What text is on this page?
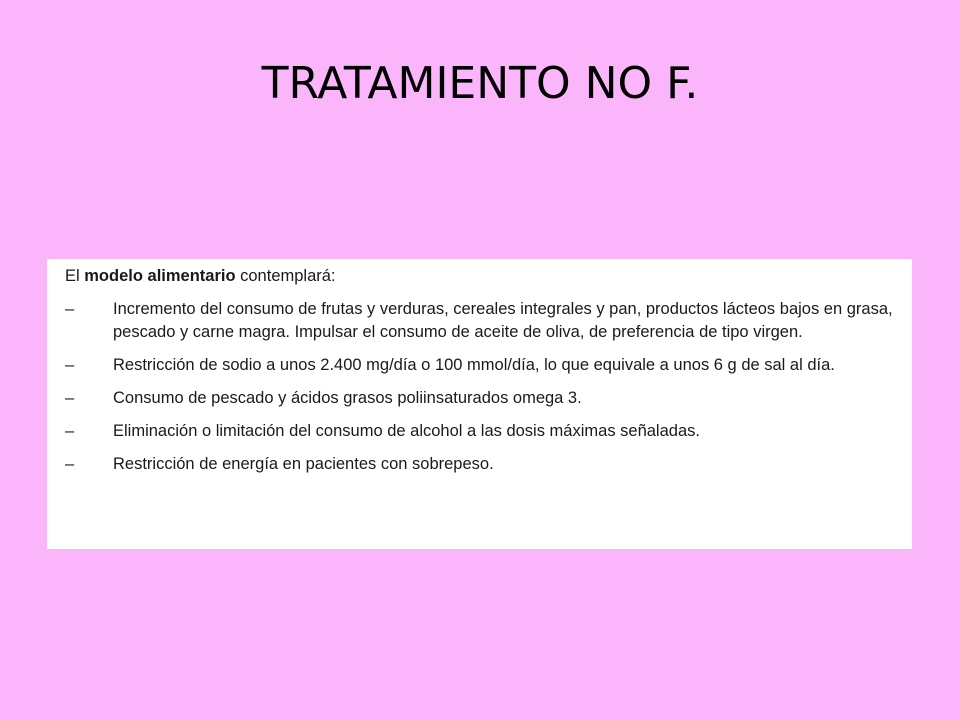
TRATAMIENTO NO F.

El modelo alimentario contemplará:

–	Incremento del consumo de frutas y verduras, cereales integrales y pan, productos lácteos bajos en grasa, pescado y carne magra. Impulsar el consumo de aceite de oliva, de preferencia de tipo virgen.
–	Restricción de sodio a unos 2.400 mg/día o 100 mmol/día, lo que equivale a unos 6 g de sal al día.
–	Consumo de pescado y ácidos grasos poliinsaturados omega 3.
–	Eliminación o limitación del consumo de alcohol a las dosis máximas señaladas.
–	Restricción de energía en pacientes con sobrepeso.
